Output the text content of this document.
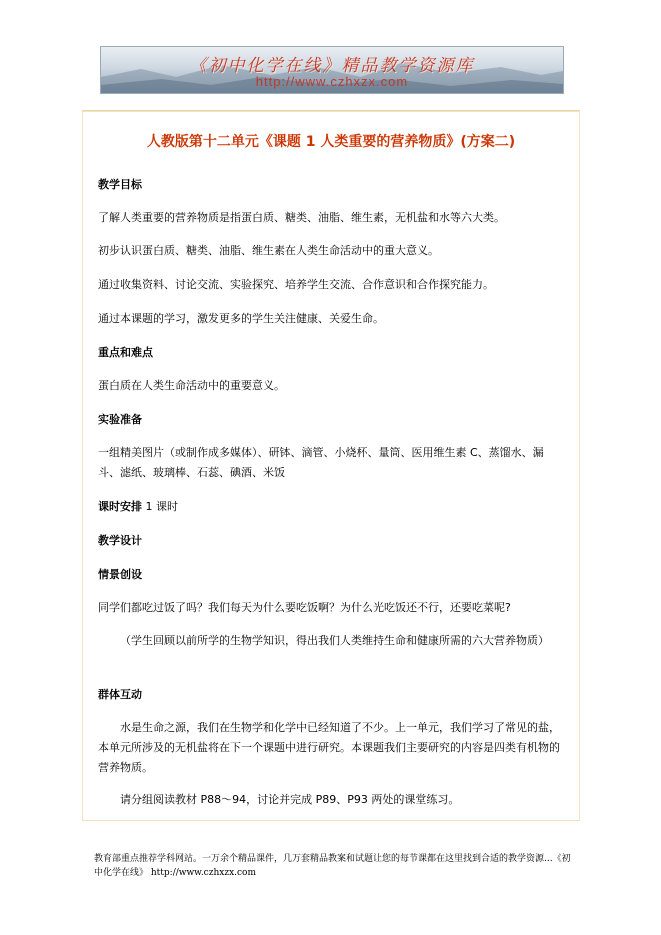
《初中化学在线》精品教学资源库
http://www.czhxzx.com
人教版第十二单元《课题 1 人类重要的营养物质》(方案二)
教学目标
了解人类重要的营养物质是指蛋白质、糖类、油脂、维生素，无机盐和水等六大类。
初步认识蛋白质、糖类、油脂、维生素在人类生命活动中的重大意义。
通过收集资料、讨论交流、实验探究、培养学生交流、合作意识和合作探究能力。
通过本课题的学习，激发更多的学生关注健康、关爱生命。
重点和难点
蛋白质在人类生命活动中的重要意义。
实验准备
一组精美图片（或制作成多媒体）、研钵、滴管、小烧杯、量筒、医用维生素 C、蒸馏水、漏斗、滤纸、玻璃棒、石蕊、碘酒、米饭
课时安排 1 课时
教学设计
情景创设
同学们都吃过饭了吗？我们每天为什么要吃饭啊？为什么光吃饭还不行，还要吃菜呢?
（学生回顾以前所学的生物学知识，得出我们人类维持生命和健康所需的六大营养物质）
群体互动
水是生命之源，我们在生物学和化学中已经知道了不少。上一单元，我们学习了常见的盐，本单元所涉及的无机盐将在下一个课题中进行研究。本课题我们主要研究的内容是四类有机物的营养物质。
请分组阅读教材 P88～94，讨论并完成 P89、P93 两处的课堂练习。
教育部重点推荐学科网站。一万余个精品课件，几万套精品教案和试题让您的每节课都在这里找到合适的教学资源...《初中化学在线》 http://www.czhxzx.com
